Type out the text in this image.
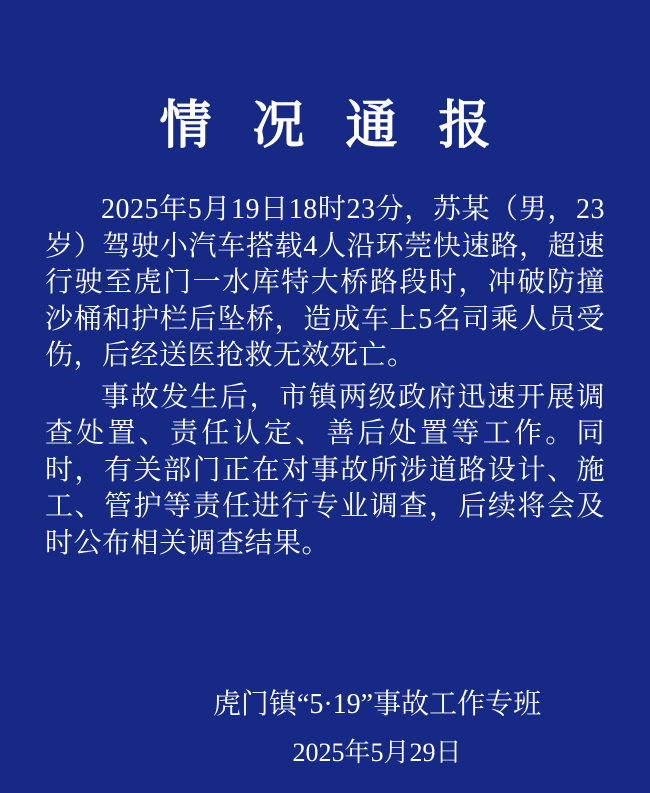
情 况 通 报

2025年5月19日18时23分，苏某（男，23岁）驾驶小汽车搭载4人沿环莞快速路，超速行驶至虎门一水库特大桥路段时，冲破防撞沙桶和护栏后坠桥，造成车上5名司乘人员受伤，后经送医抢救无效死亡。

事故发生后，市镇两级政府迅速开展调查处置、责任认定、善后处置等工作。同时，有关部门正在对事故所涉道路设计、施工、管护等责任进行专业调查，后续将会及时公布相关调查结果。

虎门镇“5·19”事故工作专班
2025年5月29日
